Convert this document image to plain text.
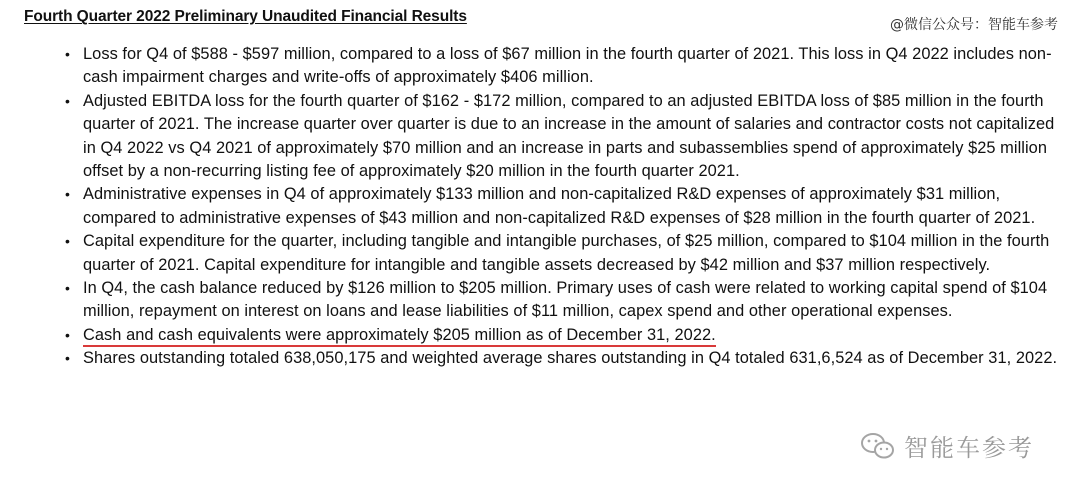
Fourth Quarter 2022 Preliminary Unaudited Financial Results	@微信公众号：智能车参考
• Loss for Q4 of $588 - $597 million, compared to a loss of $67 million in the fourth quarter of 2021. This loss in Q4 2022 includes non-cash impairment charges and write-offs of approximately $406 million.
• Adjusted EBITDA loss for the fourth quarter of $162 - $172 million, compared to an adjusted EBITDA loss of $85 million in the fourth quarter of 2021. The increase quarter over quarter is due to an increase in the amount of salaries and contractor costs not capitalized in Q4 2022 vs Q4 2021 of approximately $70 million and an increase in parts and subassemblies spend of approximately $25 million offset by a non-recurring listing fee of approximately $20 million in the fourth quarter 2021.
• Administrative expenses in Q4 of approximately $133 million and non-capitalized R&D expenses of approximately $31 million, compared to administrative expenses of $43 million and non-capitalized R&D expenses of $28 million in the fourth quarter of 2021.
• Capital expenditure for the quarter, including tangible and intangible purchases, of $25 million, compared to $104 million in the fourth quarter of 2021. Capital expenditure for intangible and tangible assets decreased by $42 million and $37 million respectively.
• In Q4, the cash balance reduced by $126 million to $205 million. Primary uses of cash were related to working capital spend of $104 million, repayment on interest on loans and lease liabilities of $11 million, capex spend and other operational expenses.
• Cash and cash equivalents were approximately $205 million as of December 31, 2022.
• Shares outstanding totaled 638,050,175 and weighted average shares outstanding in Q4 totaled 631,‍6,524 as of December 31, 2022.
智能车参考
